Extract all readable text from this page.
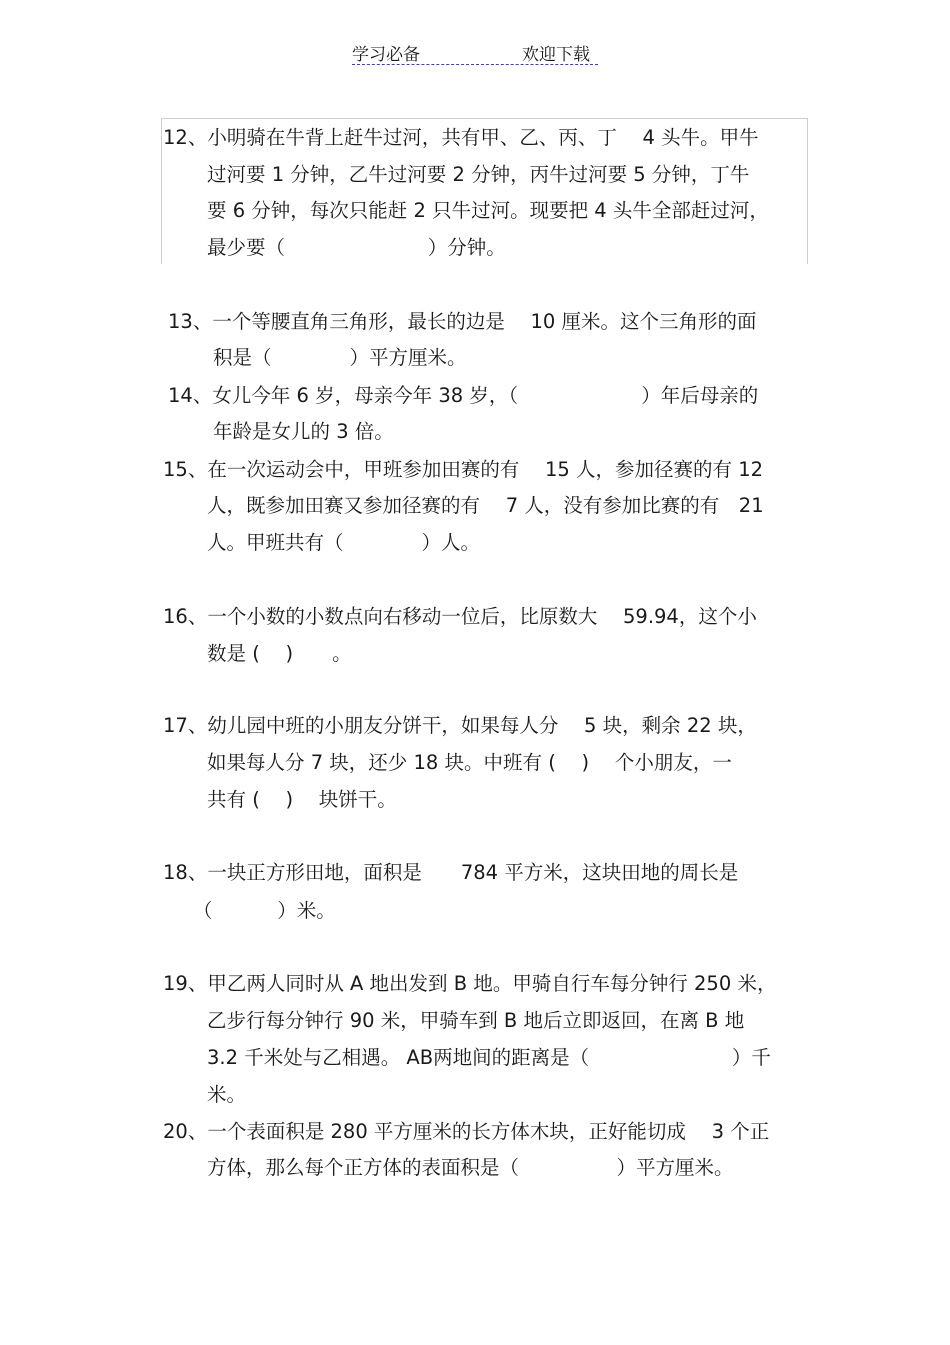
学习必备	欢迎下载
12、小明骑在牛背上赶牛过河，共有甲、乙、丙、丁　 4 头牛。甲牛
过河要 1 分钟，乙牛过河要 2 分钟，丙牛过河要 5 分钟，丁牛
要 6 分钟，每次只能赶 2 只牛过河。现要把 4 头牛全部赶过河，
最少要（　　　　　　　 ）分钟。
13、一个等腰直角三角形，最长的边是　 10 厘米。这个三角形的面
积是（　　　　）平方厘米。
14、女儿今年 6 岁，母亲今年 38 岁，（　　　　　　 ）年后母亲的
年龄是女儿的 3 倍。
15、在一次运动会中，甲班参加田赛的有　 15 人，参加径赛的有 12
人，既参加田赛又参加径赛的有　 7 人，没有参加比赛的有　21
人。甲班共有（　　　　）人。
16、一个小数的小数点向右移动一位后，比原数大　 59.94，这个小
数是 (　 )　　。
17、幼儿园中班的小朋友分饼干，如果每人分　 5 块，剩余 22 块，
如果每人分 7 块，还少 18 块。中班有 (　 )　 个小朋友，一
共有 (　 )　 块饼干。
18、一块正方形田地，面积是　　784 平方米，这块田地的周长是
（　　　 ）米。
19、甲乙两人同时从 A 地出发到 B 地。甲骑自行车每分钟行 250 米，
乙步行每分钟行 90 米，甲骑车到 B 地后立即返回，在离 B 地
3.2 千米处与乙相遇。 AB两地间的距离是（　　　　　　　 ）千
米。
20、一个表面积是 280 平方厘米的长方体木块，正好能切成　 3 个正
方体，那么每个正方体的表面积是（　　　　　）平方厘米。
